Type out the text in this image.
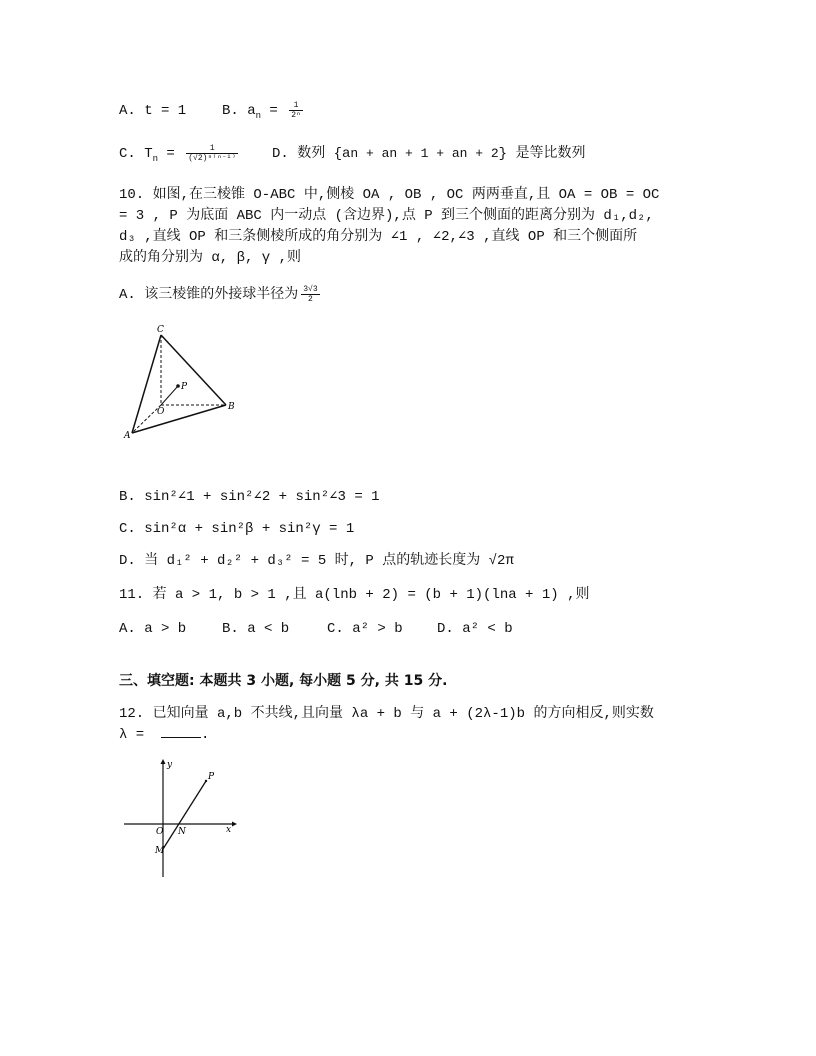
A. t = 1	B. $a_n = \frac{1}{\text{2ⁿ}}$
C. $T_n = \frac{1}{\text{(√2)ⁿ⁽ⁿ⁻¹⁾}} D$. 数列 {an + an + 1 + an + 2} 是等比数列
10. 如图,在三棱锥 O-ABC 中,侧棱 OA , OB , OC 两两垂直,且 OA = OB = OC
= 3 , P 为底面 ABC 内一动点 (含边界),点 P 到三个侧面的距离分别为 d₁,d₂,
d₃ ,直线 OP 和三条侧棱所成的角分别为 ∠1 , ∠2,∠3 ,直线 OP 和三个侧面所
成的角分别为 α, β, γ ,则
A. 该三棱锥的外接球半径为 $\frac{3√3}{2}$
C
P
O	B
A
B. sin²∠1 + sin²∠2 + sin²∠3 = 1
C. sin²α + sin²β + sin²γ = 1
D. 当 d₁² + d₂² + d₃² = 5 时, P 点的轨迹长度为 √2π
11. 若 a > 1, b > 1 ,且 a(lnb + 2) = (b + 1)(lna + 1) ,则
A. a > b	B. a < b	C. a² > b D. a² < b
三、填空题: 本题共 3 小题, 每小题 5 分, 共 15 分.
12. 已知向量 a,b 不共线,且向量 λa + b 与 a + (2λ-1)b 的方向相反,则实数
λ =	.
y
P
O N	x
M
